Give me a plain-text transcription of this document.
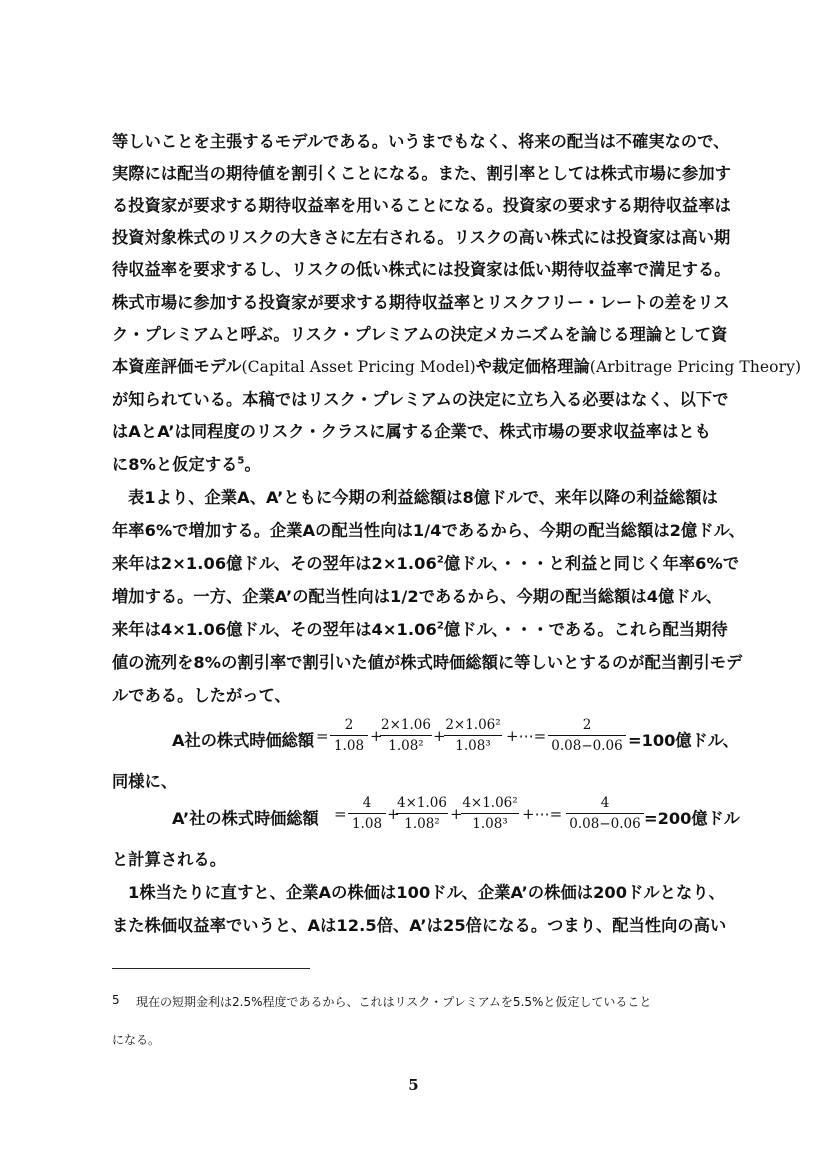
等しいことを主張するモデルである。いうまでもなく、将来の配当は不確実なので、
実際には配当の期待値を割引くことになる。また、割引率としては株式市場に参加す
る投資家が要求する期待収益率を用いることになる。投資家の要求する期待収益率は
投資対象株式のリスクの大きさに左右される。リスクの高い株式には投資家は高い期
待収益率を要求するし、リスクの低い株式には投資家は低い期待収益率で満足する。
株式市場に参加する投資家が要求する期待収益率とリスクフリー・レートの差をリス
ク・プレミアムと呼ぶ。リスク・プレミアムの決定メカニズムを論じる理論として資
本資産評価モデル(Capital Asset Pricing Model)や裁定価格理論(Arbitrage Pricing Theory)
が知られている。本稿ではリスク・プレミアムの決定に立ち入る必要はなく、以下で
はAとA’は同程度のリスク・クラスに属する企業で、株式市場の要求収益率はとも
に8%と仮定する$^5$。
表1より、企業A、A’ともに今期の利益総額は8億ドルで、来年以降の利益総額は
年率6%で増加する。企業Aの配当性向は1/4であるから、今期の配当総額は2億ドル、
来年は2×1.06億ドル、その翌年は$2\times 1.06^2$億ドル、・・・と利益と同じく年率6%で
増加する。一方、企業A’の配当性向は1/2であるから、今期の配当総額は4億ドル、
来年は4×1.06億ドル、その翌年は$4\times 1.06^2$億ドル、・・・である。これら配当期待
値の流列を8%の割引率で割引いた値が株式時価総額に等しいとするのが配当割引モデ
ルである。したがって、
A社の株式時価総額 =
2
1.08
+
2×1.06
1.08²
+
2×1.06²
1.08³
+⋯=
2
0.08−0.06 =100億ドル、
同様に、
A’社の株式時価総額 =
4
1.08
+
4×1.06
1.08²
+
4×1.06²
1.08³
+⋯=
4
0.08−0.06 =200億ドル
と計算される。
1株当たりに直すと、企業Aの株価は100ドル、企業A’の株価は200ドルとなり、
また株価収益率でいうと、Aは12.5倍、A’は25倍になる。つまり、配当性向の高い
5 現在の短期金利は2.5%程度であるから、これはリスク・プレミアムを5.5%と仮定していること
になる。
5
